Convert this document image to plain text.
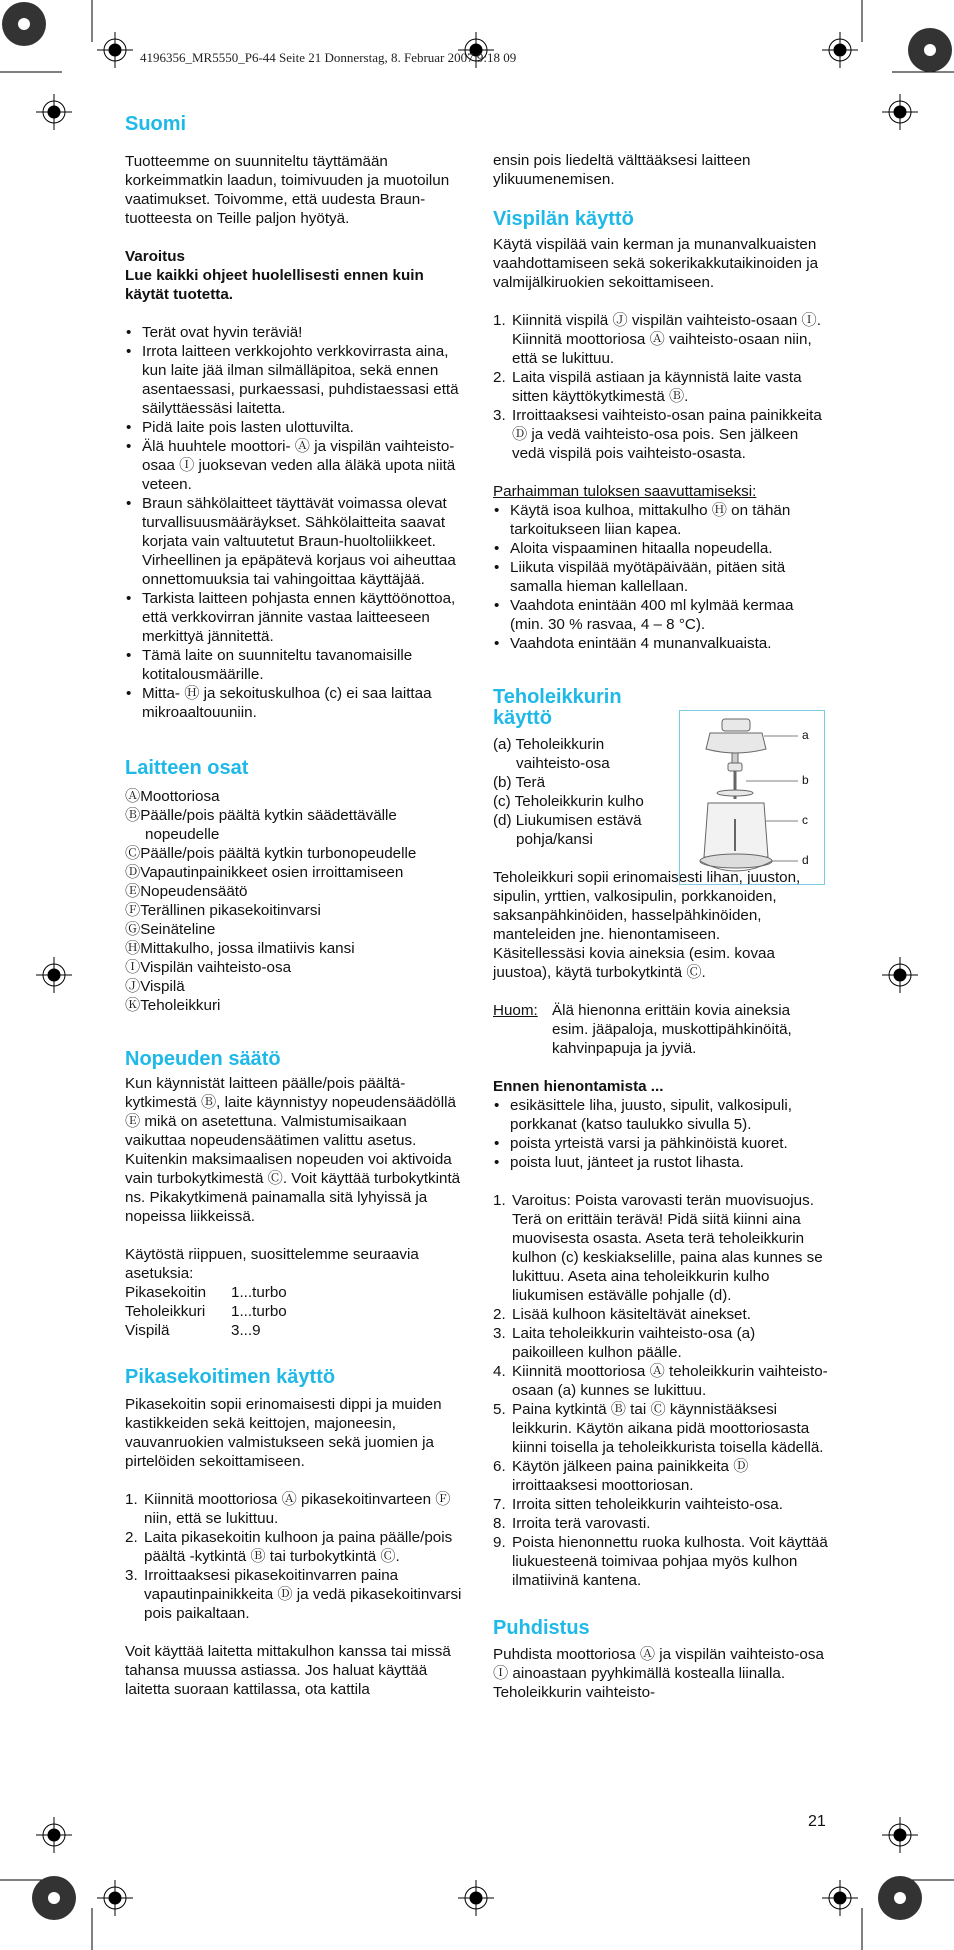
4196356_MR5550_P6-44 Seite 21 Donnerstag, 8. Februar 2007 9:18 09
Suomi

Tuotteemme on suunniteltu täyttämään korkeimmatkin laadun, toimivuuden ja muotoilun vaatimukset. Toivomme, että uudesta Braun-tuotteesta on Teille paljon hyötyä.

Varoitus

Lue kaikki ohjeet huolellisesti ennen kuin käytät tuotetta.

• Terät ovat hyvin teräviä!
• Irrota laitteen verkkojohto verkkovirrasta aina, kun laite jää ilman silmälläpitoa, sekä ennen asentaessasi, purkaessasi, puhdistaessasi että säilyttäessäsi laitetta.
• Pidä laite pois lasten ulottuvilta.
• Älä huuhtele moottori- Ⓐ ja vispilän vaihteisto-osaa Ⓘ juoksevan veden alla äläkä upota niitä veteen.
• Braun sähkölaitteet täyttävät voimassa olevat turvallisuusmääräykset. Sähkölaitteita saavat korjata vain valtuutetut Braun-huoltoliikkeet. Virheellinen ja epäpätevä korjaus voi aiheuttaa onnettomuuksia tai vahingoittaa käyttäjää.
• Tarkista laitteen pohjasta ennen käyttöönottoa, että verkkovirran jännite vastaa laitteeseen merkittyä jännitettä.
• Tämä laite on suunniteltu tavanomaisille kotitalousmäärille.
• Mitta- Ⓗ ja sekoituskulhoa (c) ei saa laittaa mikroaaltouuniin.
Laitteen osat
ⒶMoottoriosa
ⒷPäälle/pois päältä kytkin säädettävälle
nopeudelle
ⒸPäälle/pois päältä kytkin turbonopeudelle
ⒹVapautinpainikkeet osien irroittamiseen
ⒺNopeudensäätö
ⒻTerällinen pikasekoitinvarsi
ⒼSeinäteline
ⒽMittakulho, jossa ilmatiivis kansi
ⒾVispilän vaihteisto-osa
ⒿVispilä
ⓀTeholeikkuri
Nopeuden säätö

Kun käynnistät laitteen päälle/pois päältä-kytkimestä Ⓑ, laite käynnistyy nopeudensäädöllä Ⓔ mikä on asetettuna. Valmistumisaikaan vaikuttaa nopeudensäätimen valittu asetus.

Kuitenkin maksimaalisen nopeuden voi aktivoida vain turbokytkimestä Ⓒ. Voit käyttää turbokytkintä ns. Pikakytkimenä painamalla sitä lyhyissä ja nopeissa liikkeissä.

Käytöstä riippuen, suosittelemme seuraavia asetuksia:

Pikasekoitin	1...turbo
Teholeikkuri	1...turbo
Vispilä	3...9
Pikasekoitimen käyttö

Pikasekoitin sopii erinomaisesti dippi ja muiden kastikkeiden sekä keittojen, majoneesin, vauvanruokien valmistukseen sekä juomien ja pirtelöiden sekoittamiseen.

1. Kiinnitä moottoriosa Ⓐ pikasekoitinvarteen Ⓕ niin, että se lukittuu.
2. Laita pikasekoitin kulhoon ja paina päälle/pois päältä -kytkintä Ⓑ tai turbokytkintä Ⓒ.
3. Irroittaaksesi pikasekoitinvarren paina vapautinpainikkeita Ⓓ ja vedä pikasekoitinvarsi pois paikaltaan.

Voit käyttää laitetta mittakulhon kanssa tai missä tahansa muussa astiassa. Jos haluat käyttää laitetta suoraan kattilassa, ota kattila

ensin pois liedeltä välttääksesi laitteen ylikuumenemisen.

Vispilän käyttö

Käytä vispilää vain kerman ja munanvalkuaisten vaahdottamiseen sekä sokerikakkutaikinoiden ja valmijälkiruokien sekoittamiseen.

1. Kiinnitä vispilä Ⓙ vispilän vaihteisto-osaan Ⓘ. Kiinnitä moottoriosa Ⓐ vaihteisto-osaan niin, että se lukittuu.
2. Laita vispilä astiaan ja käynnistä laite vasta sitten käyttökytkimestä Ⓑ.
3. Irroittaaksesi vaihteisto-osan paina painikkeita Ⓓ ja vedä vaihteisto-osa pois. Sen jälkeen vedä vispilä pois vaihteisto-osasta.

Parhaimman tuloksen saavuttamiseksi:

• Käytä isoa kulhoa, mittakulho Ⓗ on tähän tarkoitukseen liian kapea.
• Aloita vispaaminen hitaalla nopeudella.
• Liikuta vispilää myötäpäivään, pitäen sitä samalla hieman kallellaan.
• Vaahdota enintään 400 ml kylmää kermaa (min. 30 % rasvaa, 4 – 8 °C).
• Vaahdota enintään 4 munanvalkuaista.
Teholeikkurin käyttö
(a) Teholeikkurin
vaihteisto-osa
(b) Terä
(c) Teholeikkurin kulho
(d) Liukumisen estävä
pohja/kansi

Teholeikkuri sopii erinomaisesti lihan, juuston, sipulin, yrttien, valkosipulin, porkkanoiden, saksanpähkinöiden, hasselpähkinöiden, manteleiden jne. hienontamiseen.

Käsitellessäsi kovia aineksia (esim. kovaa juustoa), käytä turbokytkintä Ⓒ.

Huom: Älä hienonna erittäin kovia aineksia esim. jääpaloja, muskottipähkinöitä, kahvinpapuja ja jyviä.

Ennen hienontamista ...

• esikäsittele liha, juusto, sipulit, valkosipuli, porkkanat (katso taulukko sivulla 5).
• poista yrteistä varsi ja pähkinöistä kuoret.
• poista luut, jänteet ja rustot lihasta.
1. Varoitus: Poista varovasti terän muovisuojus. Terä on erittäin terävä! Pidä siitä kiinni aina muovisesta osasta. Aseta terä teholeikkurin kulhon (c) keskiakselille, paina alas kunnes se lukittuu. Aseta aina teholeikkurin kulho liukumisen estävälle pohjalle (d).
2. Lisää kulhoon käsiteltävät ainekset.
3. Laita teholeikkurin vaihteisto-osa (a) paikoilleen kulhon päälle.
4. Kiinnitä moottoriosa Ⓐ teholeikkurin vaihteisto-osaan (a) kunnes se lukittuu.
5. Paina kytkintä Ⓑ tai Ⓒ käynnistääksesi leikkurin. Käytön aikana pidä moottoriosasta kiinni toisella ja teholeikkurista toisella kädellä.
6. Käytön jälkeen paina painikkeita Ⓓ irroittaaksesi moottoriosan.
7. Irroita sitten teholeikkurin vaihteisto-osa.
8. Irroita terä varovasti.
9. Poista hienonnettu ruoka kulhosta. Voit käyttää liukuesteenä toimivaa pohjaa myös kulhon ilmatiivinä kantena.
Puhdistus

Puhdista moottoriosa Ⓐ ja vispilän vaihteisto-osa Ⓘ ainoastaan pyyhkimällä kostealla liinalla. Teholeikkurin vaihteisto-

a
b
c
d
21
